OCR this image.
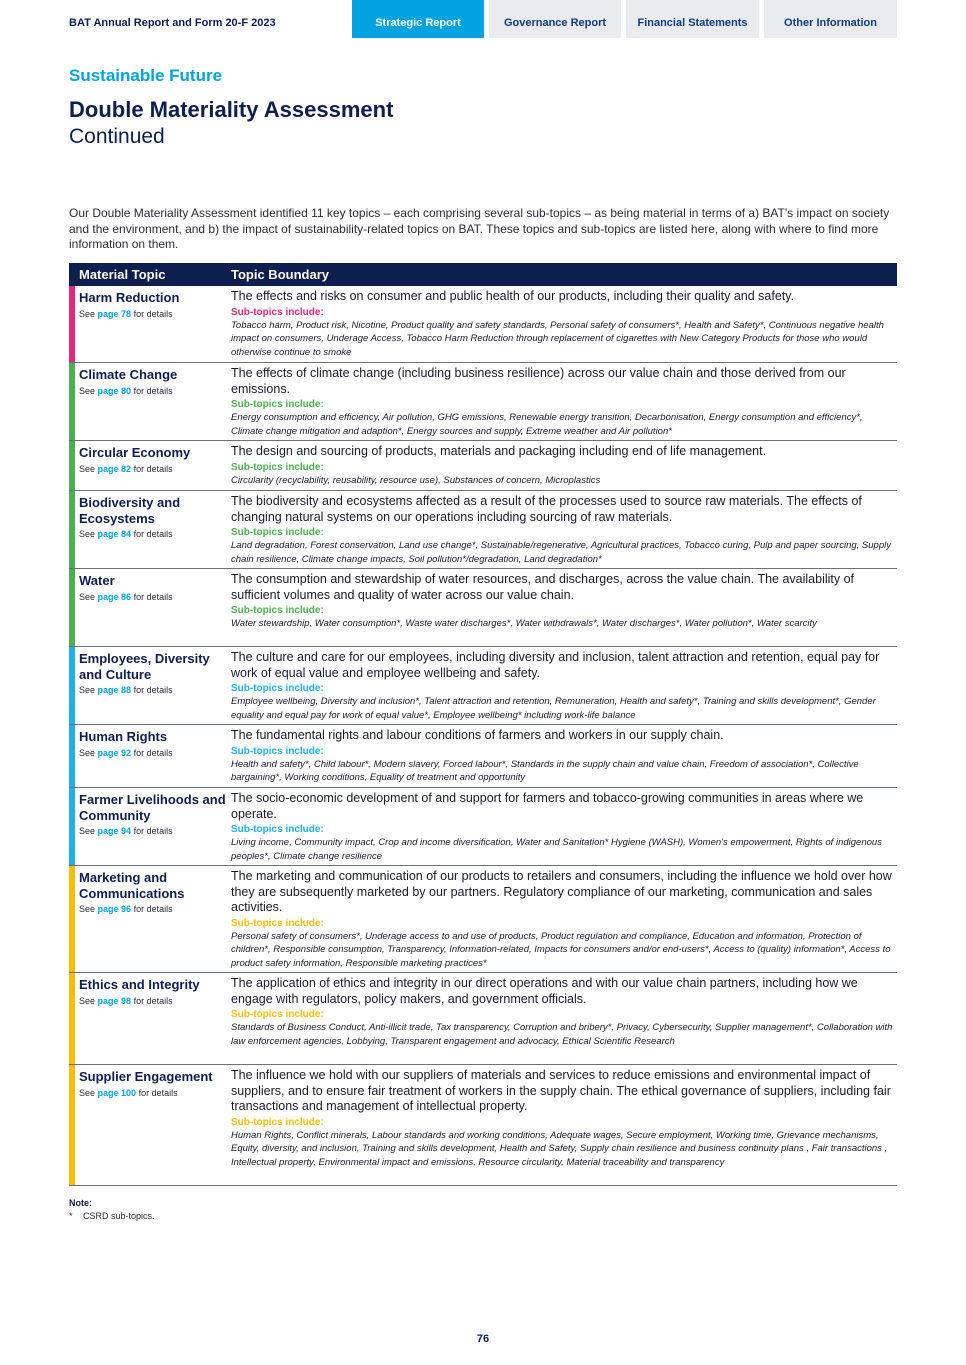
BAT Annual Report and Form 20-F 2023	Strategic Report	Governance Report	Financial Statements	Other Information
Sustainable Future
Double Materiality Assessment
Continued
Our Double Materiality Assessment identified 11 key topics – each comprising several sub-topics – as being material in terms of a) BAT's impact on society and the environment, and b) the impact of sustainability-related topics on BAT. These topics and sub-topics are listed here, along with where to find more information on them.
Material Topic	Topic Boundary
Harm Reduction
See page 78 for details
The effects and risks on consumer and public health of our products, including their quality and safety.
Sub-topics include:
Tobacco harm, Product risk, Nicotine, Product quality and safety standards, Personal safety of consumers*, Health and Safety*, Continuous negative health impact on consumers, Underage Access, Tobacco Harm Reduction through replacement of cigarettes with New Category Products for those who would otherwise continue to smoke
Climate Change
See page 80 for details
The effects of climate change (including business resilience) across our value chain and those derived from our emissions.
Sub-topics include:
Energy consumption and efficiency, Air pollution, GHG emissions, Renewable energy transition, Decarbonisation, Energy consumption and efficiency*, Climate change mitigation and adaption*, Energy sources and supply, Extreme weather and Air pollution*
Circular Economy
See page 82 for details
The design and sourcing of products, materials and packaging including end of life management.
Sub-topics include:
Circularity (recyclability, reusability, resource use), Substances of concern, Microplastics
Biodiversity and Ecosystems
See page 84 for details
The biodiversity and ecosystems affected as a result of the processes used to source raw materials. The effects of changing natural systems on our operations including sourcing of raw materials.
Sub-topics include:
Land degradation, Forest conservation, Land use change*, Sustainable/regenerative, Agricultural practices, Tobacco curing, Pulp and paper sourcing, Supply chain resilience, Climate change impacts, Soil pollution*/degradation, Land degradation*
Water
See page 86 for details
The consumption and stewardship of water resources, and discharges, across the value chain. The availability of sufficient volumes and quality of water across our value chain.
Sub-topics include:
Water stewardship, Water consumption*, Waste water discharges*, Water withdrawals*, Water discharges*, Water pollution*, Water scarcity
Employees, Diversity and Culture
See page 88 for details
The culture and care for our employees, including diversity and inclusion, talent attraction and retention, equal pay for work of equal value and employee wellbeing and safety.
Sub-topics include:
Employee wellbeing, Diversity and inclusion*, Talent attraction and retention, Remuneration, Health and safety*, Training and skills development*, Gender equality and equal pay for work of equal value*, Employee wellbeing* including work-life balance
Human Rights
See page 92 for details
The fundamental rights and labour conditions of farmers and workers in our supply chain.
Sub-topics include:
Health and safety*, Child labour*, Modern slavery, Forced labour*, Standards in the supply chain and value chain, Freedom of association*, Collective bargaining*, Working conditions, Equality of treatment and opportunity
Farmer Livelihoods and Community
See page 94 for details
The socio-economic development of and support for farmers and tobacco-growing communities in areas where we operate.
Sub-topics include:
Living income, Community impact, Crop and income diversification, Water and Sanitation* Hygiene (WASH), Women's empowerment, Rights of indigenous peoples*, Climate change resilience
Marketing and Communications
See page 96 for details
The marketing and communication of our products to retailers and consumers, including the influence we hold over how they are subsequently marketed by our partners. Regulatory compliance of our marketing, communication and sales activities.
Sub-topics include:
Personal safety of consumers*, Underage access to and use of products, Product regulation and compliance, Education and information, Protection of children*, Responsible consumption, Transparency, Information-related, Impacts for consumers and/or end-users*, Access to (quality) information*, Access to product safety information, Responsible marketing practices*
Ethics and Integrity
See page 98 for details
The application of ethics and integrity in our direct operations and with our value chain partners, including how we engage with regulators, policy makers, and government officials.
Sub-topics include:
Standards of Business Conduct, Anti-illicit trade, Tax transparency, Corruption and bribery*, Privacy, Cybersecurity, Supplier management*, Collaboration with law enforcement agencies, Lobbying, Transparent engagement and advocacy, Ethical Scientific Research
Supplier Engagement
See page 100 for details
The influence we hold with our suppliers of materials and services to reduce emissions and environmental impact of suppliers, and to ensure fair treatment of workers in the supply chain. The ethical governance of suppliers, including fair transactions and management of intellectual property.
Sub-topics include:
Human Rights, Conflict minerals, Labour standards and working conditions, Adequate wages, Secure employment, Working time, Grievance mechanisms, Equity, diversity, and inclusion, Training and skills development, Health and Safety, Supply chain resilience and business continuity plans , Fair transactions , Intellectual property, Environmental impact and emissions, Resource circularity, Material traceability and transparency
Note:
* CSRD sub-topics.
76
